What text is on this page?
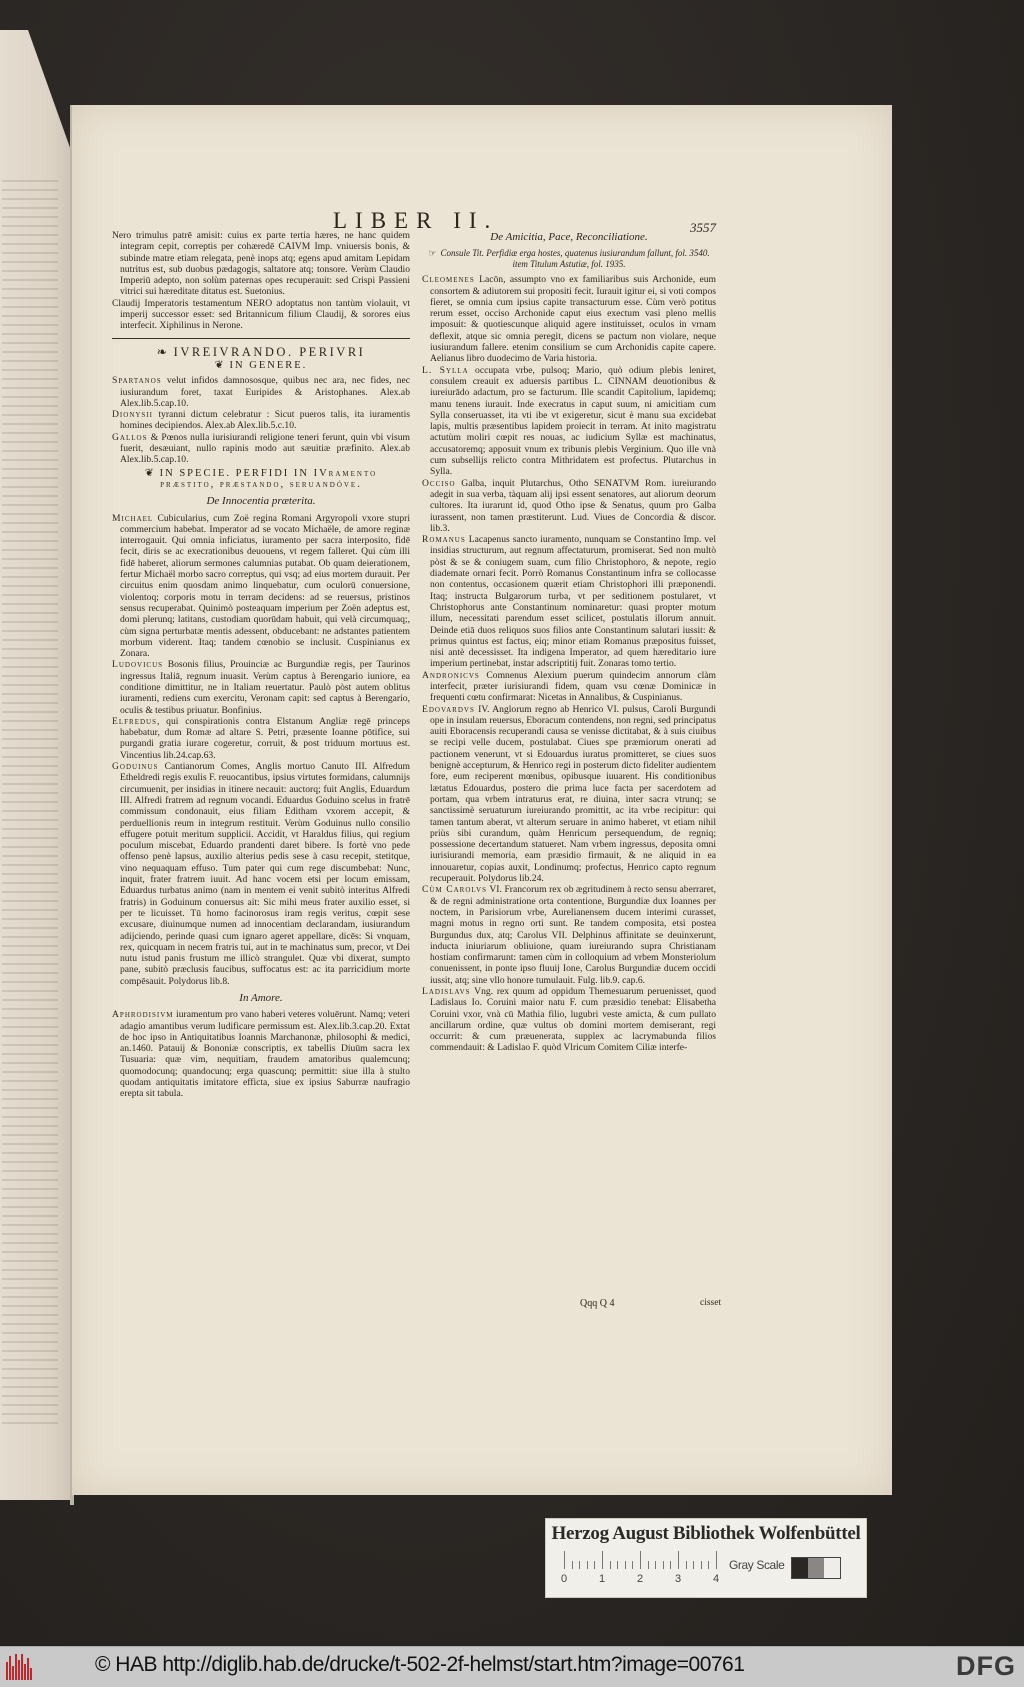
LIBER II.	3557

Nero trimulus patrē amisit: cuius ex parte tertia hæres, ne hanc quidem integram cepit, correptis per cohæredē CAIVM Imp. vniuersis bonis, & subinde matre etiam relegata, penè inops atq; egens apud amitam Lepidam nutritus est, sub duobus pædagogis, saltatore atq; tonsore. Verùm Claudio Imperiū adepto, non solùm paternas opes recuperauit: sed Crispi Passieni vitrici sui hæreditate ditatus est. Suetonius.

Claudij Imperatoris testamentum NERO adoptatus non tantùm violauit, vt imperij successor esset: sed Britannicum filium Claudij, & sorores eius interfecit. Xiphilinus in Nerone.

❧ IVREIVRANDO. PERIVRI
❦ IN GENERE.

Spartanos velut infidos damnososque, quibus nec ara, nec fides, nec iusiurandum foret, taxat Euripides & Aristophanes. Alex.ab Alex.lib.5.cap.10.

Dionysii tyranni dictum celebratur : Sicut pueros talis, ita iuramentis homines decipiendos. Alex.ab Alex.lib.5.c.10.

Gallos & Pœnos nulla iurisiurandi religione teneri ferunt, quin vbi visum fuerit, desæuiant, nullo rapinis modo aut sæuitiæ præfinito. Alex.ab Alex.lib.5.cap.10.

❦ IN SPECIE. PERFIDI IN IVramento præstito, præstando, seruandóve.
De Innocentia præterita.

Michael Cubicularius, cum Zoë regina Romani Argyropoli vxore stupri commercium habebat. Imperator ad se vocato Michaële, de amore reginæ interrogauit. Qui omnia inficiatus, iuramento per sacra interposito, fidē fecit, diris se ac execrationibus deuouens, vt regem falleret. Qui cùm illi fidē haberet, aliorum sermones calumnias putabat. Ob quam deierationem, fertur Michaël morbo sacro correptus, qui vsq; ad eius mortem durauit. Per circuitus enim quosdam animo linquebatur, cum oculorū conuersione, violentoq; corporis motu in terram decidens: ad se reuersus, pristinos sensus recuperabat. Quinimò posteaquam imperium per Zoën adeptus est, domi plerunq; latitans, custodiam quorūdam habuit, qui velà circumquaq;, cùm signa perturbatæ mentis adessent, obducebant: ne adstantes patientem morbum viderent. Itaq; tandem cœnobio se inclusit. Cuspinianus ex Zonara.

Ludovicus Bosonis filius, Prouinciæ ac Burgundiæ regis, per Taurinos ingressus Italiā, regnum inuasit. Verùm captus à Berengario iuniore, ea conditione dimittitur, ne in Italiam reuertatur. Paulò pòst autem oblitus iuramenti, rediens cum exercitu, Veronam capit: sed captus à Berengario, oculis & testibus priuatur. Bonfinius.

Elfredus, qui conspirationis contra Elstanum Angliæ regē princeps habebatur, dum Romæ ad altare S. Petri, præsente Ioanne pōtifice, sui purgandi gratia iurare cogeretur, corruit, & post triduum mortuus est. Vincentius lib.24.cap.63.

Goduinus Cantianorum Comes, Anglis mortuo Canuto III. Alfredum Etheldredi regis exulis F. reuocantibus, ipsius virtutes formidans, calumnijs circumuenit, per insidias in itinere necauit: auctorq; fuit Anglis, Eduardum III. Alfredi fratrem ad regnum vocandi. Eduardus Goduino scelus in fratrē commissum condonauit, eius filiam Editham vxorem accepit, & perduellionis reum in integrum restituit. Verùm Goduinus nullo consilio effugere potuit meritum supplicii. Accidit, vt Haraldus filius, qui regium poculum miscebat, Eduardo prandenti daret bibere. Is fortè vno pede offenso penè lapsus, auxilio alterius pedis sese à casu recepit, stetitque, vino nequaquam effuso. Tum pater qui cum rege discumbebat: Nunc, inquit, frater fratrem iuuit. Ad hanc vocem etsi per locum emissam, Eduardus turbatus animo (nam in mentem ei venit subitò interitus Alfredi fratris) in Goduinum conuersus ait: Sic mihi meus frater auxilio esset, si per te licuisset. Tū homo facinorosus iram regis veritus, cœpit sese excusare, diuinumque numen ad innocentiam declarandam, iusiurandum adijciendo, perinde quasi cum ignaro ageret appellare, dicēs: Si vnquam, rex, quicquam in necem fratris tui, aut in te machinatus sum, precor, vt Dei nutu istud panis frustum me illicò strangulet. Quæ vbi dixerat, sumpto pane, subitò præclusis faucibus, suffocatus est: ac ita parricidium morte compēsauit. Polydorus lib.8.

In Amore.

Aphrodisivm iuramentum pro vano haberi veteres voluērunt. Namq; veteri adagio amantibus verum ludificare permissum est. Alex.lib.3.cap.20. Extat de hoc ipso in Antiquitatibus Ioannis Marchanonæ, philosophi & medici, an.1460. Patauij & Bononiæ conscriptis, ex tabellis Diuūm sacra lex Tusuaria: quæ vim, nequitiam, fraudem amatoribus qualemcunq; quomodocunq; quandocunq; erga quascunq; permittit: siue illa à stulto quodam antiquitatis imitatore efficta, siue ex ipsius Saburræ naufragio erepta sit tabula.

De Amicitia, Pace, Reconciliatione.
☞ Consule Tit. Perfidiæ erga hostes, quatenus iusiurandum fallunt, fol. 3540. item Titulum Astutiæ, fol. 1935.

Cleomenes Lacōn, assumpto vno ex familiaribus suis Archonide, eum consortem & adiutorem sui propositi fecit. Iurauit igitur ei, si voti compos fieret, se omnia cum ipsius capite transacturum esse. Cùm verò potitus rerum esset, occiso Archonide caput eius exectum vasi pleno mellis imposuit: & quotiescunque aliquid agere instituisset, oculos in vrnam deflexit, atque sic omnia peregit, dicens se pactum non violare, neque iusiurandum fallere. etenim consilium se cum Archonidis capite capere. Aelianus libro duodecimo de Varia historia.

L. Sylla occupata vrbe, pulsoq; Mario, quò odium plebis leniret, consulem creauit ex aduersis partibus L. CINNAM deuotionibus & iureiurādo adactum, pro se facturum. Ille scandit Capitolium, lapidemq; manu tenens iurauit. Inde execratus in caput suum, ni amicitiam cum Sylla conseruasset, ita vti ibe vt exigeretur, sicut è manu sua excidebat lapis, multis præsentibus lapidem proiecit in terram. At inito magistratu actutùm moliri cœpit res nouas, ac iudicium Syllæ est machinatus, accusatoremq; apposuit vnum ex tribunis plebis Verginium. Quo ille vnà cum subsellijs relicto contra Mithridatem est profectus. Plutarchus in Sylla.

Occiso Galba, inquit Plutarchus, Otho SENATVM Rom. iureiurando adegit in sua verba, tàquam alij ipsi essent senatores, aut aliorum deorum cultores. Ita iurarunt id, quod Otho ipse & Senatus, quum pro Galba iurassent, non tamen præstiterunt. Lud. Viues de Concordia & discor. lib.3.

Romanus Lacapenus sancto iuramento, nunquam se Constantino Imp. vel insidias structurum, aut regnum affectaturum, promiserat. Sed non multò pòst & se & coniugem suam, cum filio Christophoro, & nepote, regio diademate ornari fecit. Porrò Romanus Constantinum infra se collocasse non contentus, occasionem quærit etiam Christophori illi præponendi. Itaq; instructa Bulgarorum turba, vt per seditionem postularet, vt Christophorus ante Constantinum nominaretur: quasi propter motum illum, necessitati parendum esset scilicet, postulatis illorum annuit. Deinde etiā duos reliquos suos filios ante Constantinum salutari iussit: & primus quintus est factus, eiq; minor etiam Romanus præpositus fuisset, nisi antè decessisset. Ita indigena Imperator, ad quem hæreditario iure imperium pertinebat, instar adscriptitij fuit. Zonaras tomo tertio.

Andronicvs Comnenus Alexium puerum quindecim annorum clàm interfecit, præter iurisiurandi fidem, quam vsu cœnæ Dominicæ in frequenti cœtu confirmarat: Nicetas in Annalibus, & Cuspinianus.

Edovardvs IV. Anglorum regno ab Henrico VI. pulsus, Caroli Burgundi ope in insulam reuersus, Eboracum contendens, non regni, sed principatus auiti Eboracensis recuperandi causa se venisse dictitabat, & à suis ciuibus se recipi velle ducem, postulabat. Ciues spe præmiorum onerati ad pactionem venerunt, vt si Edouardus iuratus promitteret, se ciues suos benignè accepturum, & Henrico regi in posterum dicto fideliter audientem fore, eum reciperent mœnibus, opibusque iuuarent. His conditionibus lætatus Edouardus, postero die prima luce facta per sacerdotem ad portam, qua vrbem intraturus erat, re diuina, inter sacra vtrunq; se sanctissimè seruaturum iureiurando promittit, ac ita vrbe recipitur: qui tamen tantum aberat, vt alterum seruare in animo haberet, vt etiam nihil priùs sibi curandum, quàm Henricum persequendum, de regniq; possessione decertandum statueret. Nam vrbem ingressus, deposita omni iurisiurandi memoria, eam præsidio firmauit, & ne aliquid in ea innouaretur, copias auxit, Londinumq; profectus, Henrico capto regnum recuperauit. Polydorus lib.24.

Cùm Carolvs VI. Francorum rex ob ægritudinem à recto sensu aberraret, & de regni administratione orta contentione, Burgundiæ dux Ioannes per noctem, in Parisiorum vrbe, Aurelianensem ducem interimi curasset, magni motus in regno orti sunt. Re tandem composita, etsi postea Burgundus dux, atq; Carolus VII. Delphinus affinitate se deuinxerunt, inducta iniuriarum obliuione, quam iureiurando supra Christianam hostiam confirmarunt: tamen cùm in colloquium ad vrbem Monsteriolum conuenissent, in ponte ipso fluuij Ione, Carolus Burgundiæ ducem occidi iussit, atq; sine vllo honore tumulauit. Fulg. lib.9. cap.6.

Ladislavs Vng. rex quum ad oppidum Themesuarum peruenisset, quod Ladislaus Io. Coruini maior natu F. cum præsidio tenebat: Elisabetha Coruini vxor, vnà cū Mathia filio, lugubri veste amicta, & cum pullato ancillarum ordine, quæ vultus ob domini mortem demiserant, regi occurrit: & cum præuenerata, supplex ac lacrymabunda filios commendauit: & Ladislao F. quòd Vlricum Comitem Ciliæ interfe-

Qqq Q 4	cisset
Herzog August Bibliothek Wolfenbüttel
0	1	2	3	4
Gray Scale
© HAB http://diglib.hab.de/drucke/t-502-2f-helmst/start.htm?image=00761	DFG
